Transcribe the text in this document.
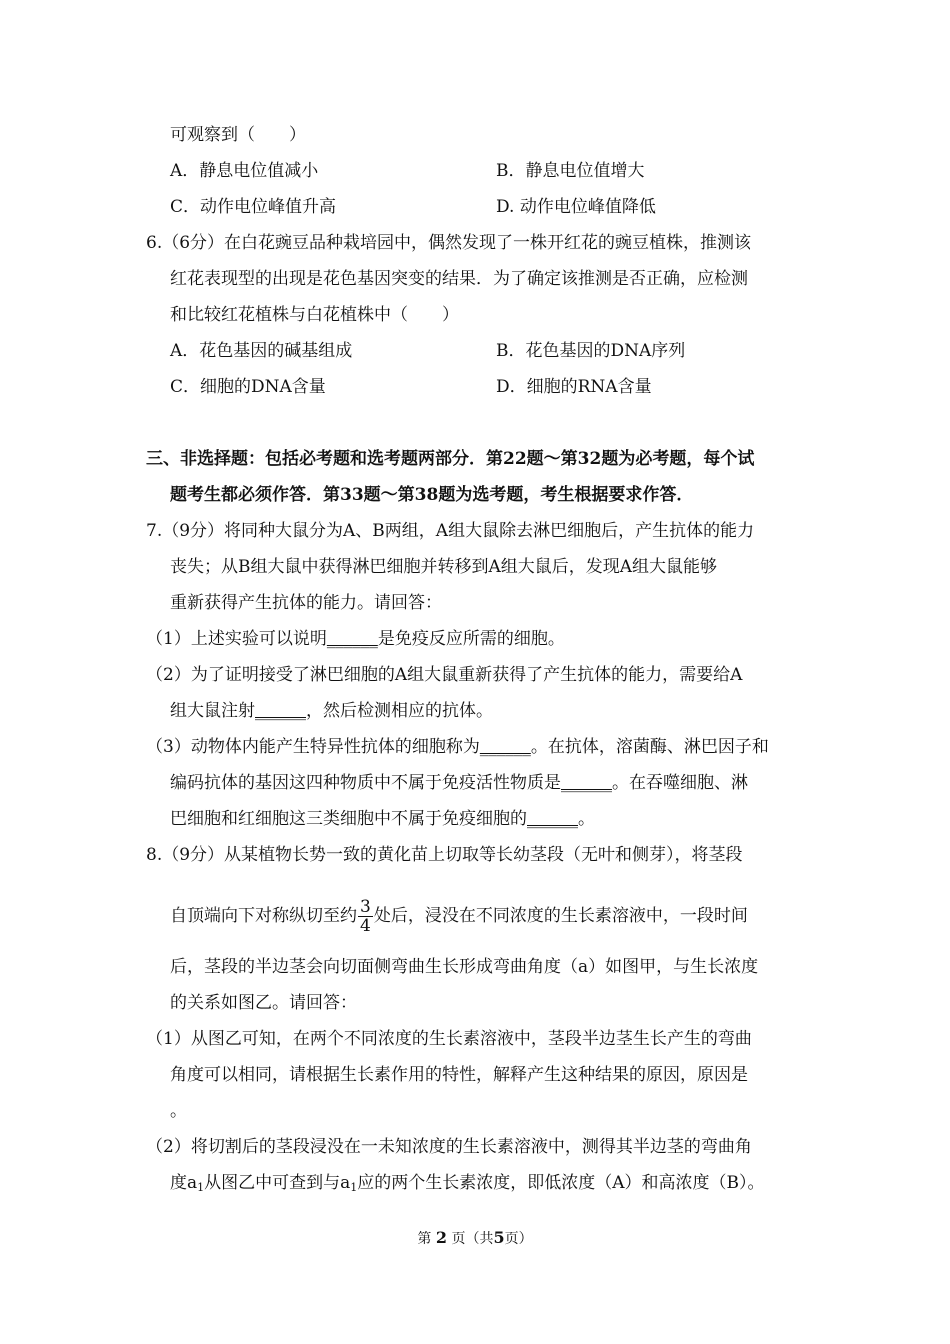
可观察到（　　）
A．静息电位值减小	B．静息电位值增大
C．动作电位峰值升高	D. 动作电位峰值降低
6.（6分）在白花豌豆品种栽培园中，偶然发现了一株开红花的豌豆植株，推测该
红花表现型的出现是花色基因突变的结果．为了确定该推测是否正确，应检测
和比较红花植株与白花植株中（　　）
A．花色基因的碱基组成	B．花色基因的DNA序列
C．细胞的DNA含量	D．细胞的RNA含量
三、非选择题：包括必考题和选考题两部分．第22题～第32题为必考题，每个试
题考生都必须作答．第33题～第38题为选考题，考生根据要求作答．
7.（9分）将同种大鼠分为A、B两组，A组大鼠除去淋巴细胞后，产生抗体的能力
丧失；从B组大鼠中获得淋巴细胞并转移到A组大鼠后，发现A组大鼠能够
重新获得产生抗体的能力。请回答：
（1）上述实验可以说明______是免疫反应所需的细胞。
（2）为了证明接受了淋巴细胞的A组大鼠重新获得了产生抗体的能力，需要给A
组大鼠注射______，然后检测相应的抗体。
（3）动物体内能产生特异性抗体的细胞称为______。在抗体，溶菌酶、淋巴因子和
编码抗体的基因这四种物质中不属于免疫活性物质是______。在吞噬细胞、淋
巴细胞和红细胞这三类细胞中不属于免疫细胞的______。
8.（9分）从某植物长势一致的黄化苗上切取等长幼茎段（无叶和侧芽），将茎段
自顶端向下对称纵切至约 $\frac{3}{4}$ 处后，浸没在不同浓度的生长素溶液中，一段时间
后，茎段的半边茎会向切面侧弯曲生长形成弯曲角度（a）如图甲，与生长浓度
的关系如图乙。请回答：
（1）从图乙可知，在两个不同浓度的生长素溶液中，茎段半边茎生长产生的弯曲
角度可以相同，请根据生长素作用的特性，解释产生这种结果的原因，原因是
。
（2）将切割后的茎段浸没在一未知浓度的生长素溶液中，测得其半边茎的弯曲角
度$a_1$从图乙中可查到与$a_1$应的两个生长素浓度，即低浓度（A）和高浓度（B）。
第 2 页（共5页）
